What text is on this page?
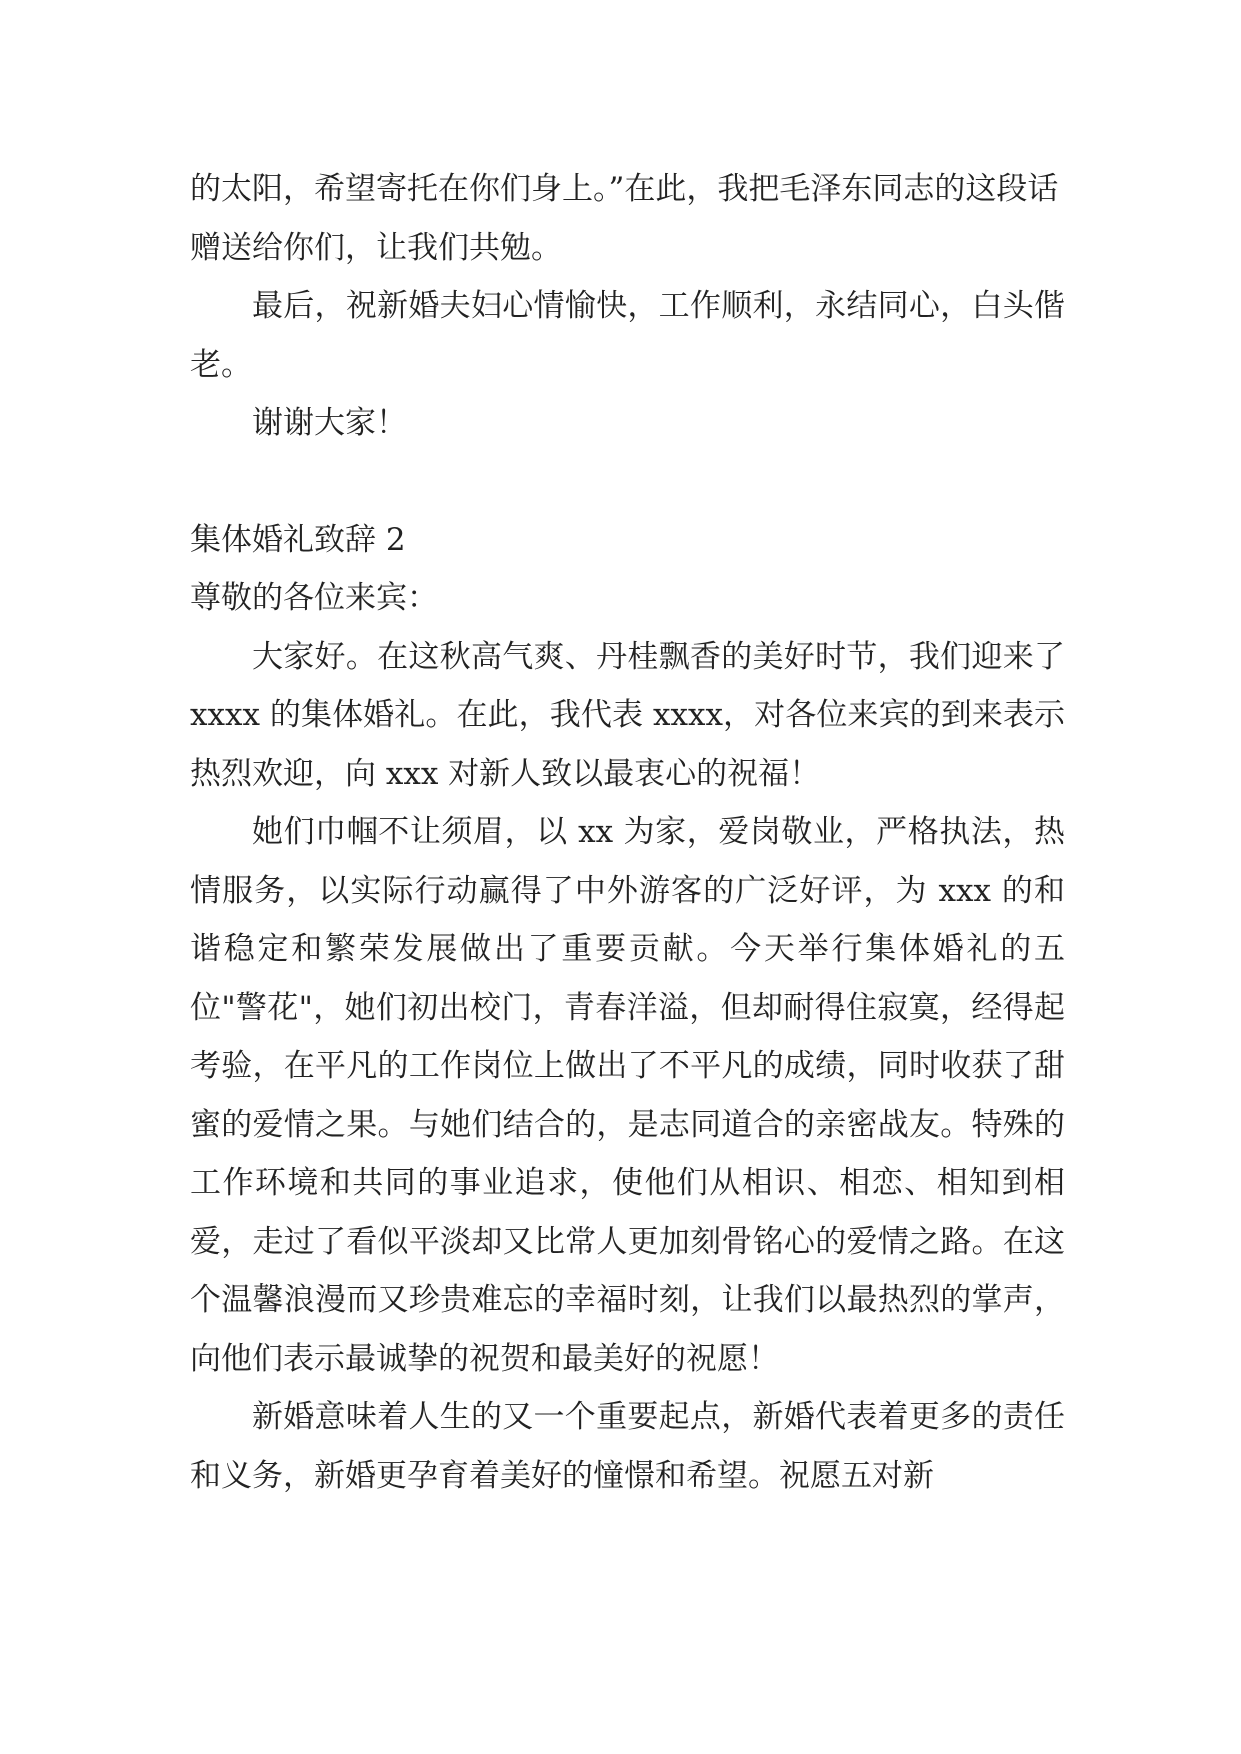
的太阳，希望寄托在你们身上。”在此，我把毛泽东同志的这段话赠送给你们，让我们共勉。

最后，祝新婚夫妇心情愉快，工作顺利，永结同心，白头偕老。

谢谢大家！

集体婚礼致辞 2

尊敬的各位来宾：

大家好。在这秋高气爽、丹桂飘香的美好时节，我们迎来了 xxxx 的集体婚礼。在此，我代表 xxxx，对各位来宾的到来表示热烈欢迎，向 xxx 对新人致以最衷心的祝福！

她们巾帼不让须眉，以 xx 为家，爱岗敬业，严格执法，热情服务，以实际行动赢得了中外游客的广泛好评，为 xxx 的和谐稳定和繁荣发展做出了重要贡献。今天举行集体婚礼的五位"警花"，她们初出校门，青春洋溢，但却耐得住寂寞，经得起考验，在平凡的工作岗位上做出了不平凡的成绩，同时收获了甜蜜的爱情之果。与她们结合的，是志同道合的亲密战友。特殊的工作环境和共同的事业追求，使他们从相识、相恋、相知到相爱，走过了看似平淡却又比常人更加刻骨铭心的爱情之路。在这个温馨浪漫而又珍贵难忘的幸福时刻，让我们以最热烈的掌声，向他们表示最诚挚的祝贺和最美好的祝愿！

新婚意味着人生的又一个重要起点，新婚代表着更多的责任和义务，新婚更孕育着美好的憧憬和希望。祝愿五对新
